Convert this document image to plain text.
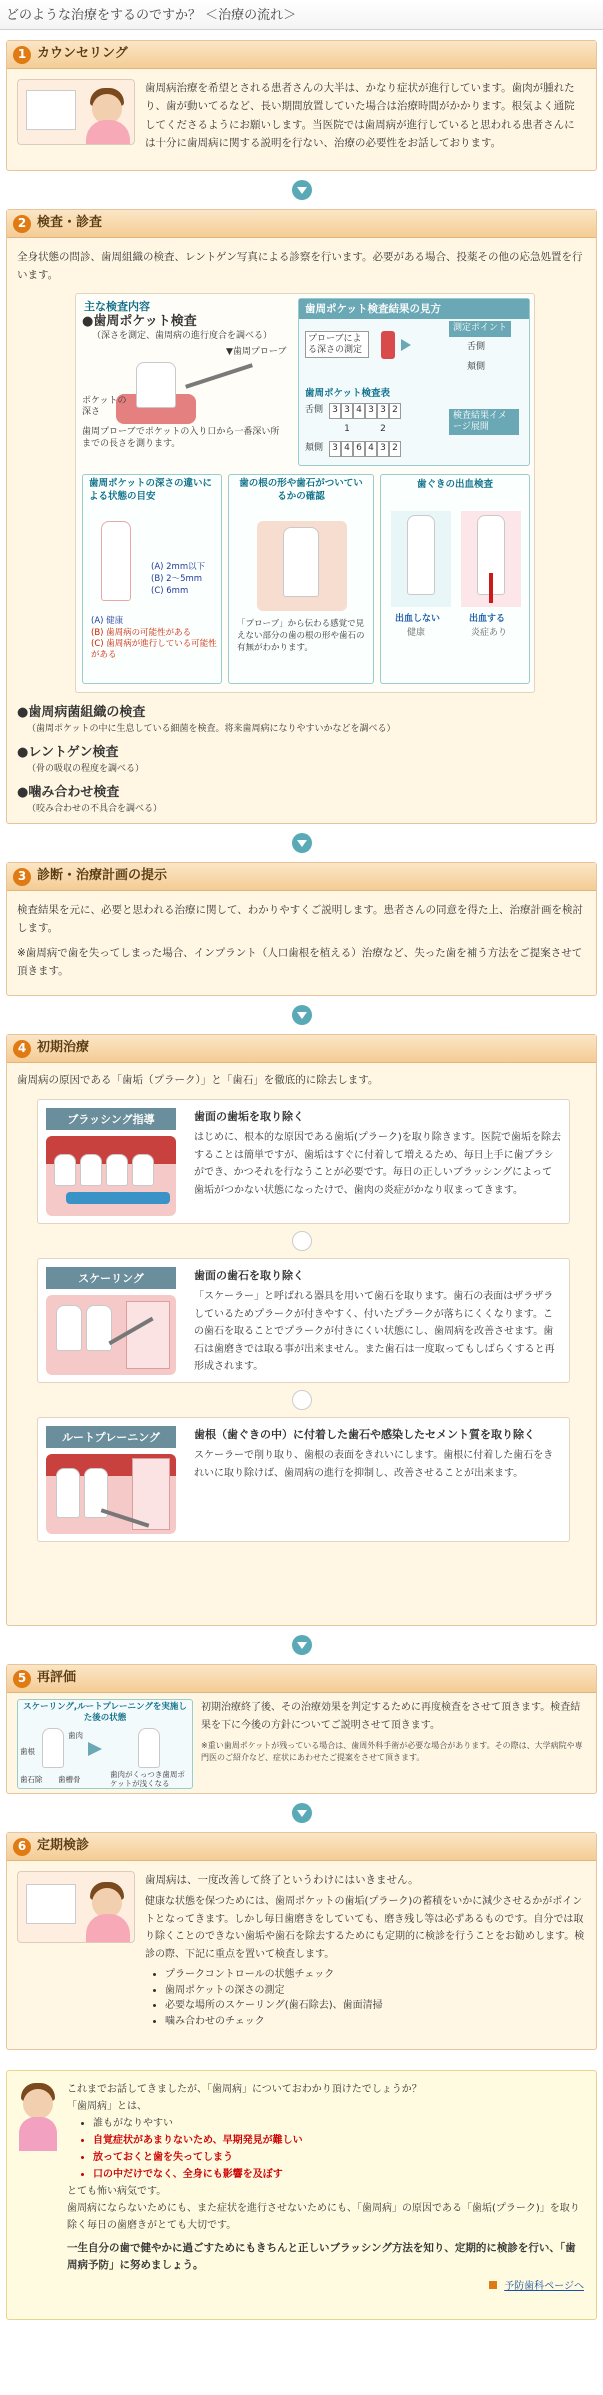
どのような治療をするのですか？ ＜治療の流れ＞
1 カウンセリング
歯周病治療を希望とされる患者さんの大半は、かなり症状が進行しています。歯肉が腫れたり、歯が動いてるなど、長い期間放置していた場合は治療時間がかかります。根気よく通院してくださるようにお願いします。当医院では歯周病が進行していると思われる患者さんには十分に歯周病に関する説明を行ない、治療の必要性をお話しております。
2 検査・診査
全身状態の問診、歯周組織の検査、レントゲン写真による診察を行います。必要がある場合、投薬その他の応急処置を行います。
主な検査内容
●歯周ポケット検査
（深さを測定、歯周病の進行度合を調べる）
▼歯周プローブ
ポケットの深さ
歯周プローブでポケットの入り口から一番深い所までの長さを測ります。
歯周ポケット検査結果の見方
プローブによる深さの測定
測定ポイント
舌側
頬側
歯周ポケット検査表
舌側	3 3 4 3 3 2
1	2
頬側	3 4 6 4 3 2
検査結果イメージ展開
歯周ポケットの深さの違いによる状態の目安
(A) 2mm以下
(B) 2～5mm
(C) 6mm
(A) 健康
(B) 歯周病の可能性がある
(C) 歯周病が進行している可能性がある
歯の根の形や歯石がついているかの確認
「プローブ」から伝わる感覚で見えない部分の歯の根の形や歯石の有無がわかります。
歯ぐきの出血検査
出血しない
健康
出血する
炎症あり
●歯周病菌組織の検査
（歯周ポケットの中に生息している細菌を検査。将来歯周病になりやすいかなどを調べる）
●レントゲン検査
（骨の吸収の程度を調べる）
●噛み合わせ検査
（咬み合わせの不具合を調べる）
3 診断・治療計画の提示
検査結果を元に、必要と思われる治療に関して、わかりやすくご説明します。患者さんの同意を得た上、治療計画を検討します。
※歯周病で歯を失ってしまった場合、インプラント（人口歯根を植える）治療など、失った歯を補う方法をご提案させて頂きます。
4 初期治療
歯周病の原因である「歯垢（プラーク）」と「歯石」を徹底的に除去します。
ブラッシング指導	歯面の歯垢を取り除く
はじめに、根本的な原因である歯垢(プラーク)を取り除きます。医院で歯垢を除去することは簡単ですが、歯垢はすぐに付着して増えるため、毎日上手に歯ブラシができ、かつそれを行なうことが必要です。毎日の正しいブラッシングによって歯垢がつかない状態になったけで、歯肉の炎症がかなり収まってきます。
スケーリング	歯面の歯石を取り除く
「スケーラー」と呼ばれる器具を用いて歯石を取ります。歯石の表面はザラザラしているためプラークが付きやすく、付いたプラークが落ちにくくなります。この歯石を取ることでプラークが付きにくい状態にし、歯周病を改善させます。歯石は歯磨きでは取る事が出来ません。また歯石は一度取ってもしばらくすると再形成されます。
ルートプレーニング	歯根（歯ぐきの中）に付着した歯石や感染したセメント質を取り除く
スケーラーで削り取り、歯根の表面をきれいにします。歯根に付着した歯石をきれいに取り除けば、歯周病の進行を抑制し、改善させることが出来ます。
5 再評価
スケーリング,ルートプレーニングを実施した後の状態
歯肉
歯根
歯石除 歯槽骨
歯肉がくっつき歯周ポケットが浅くなる
初期治療終了後、その治療効果を判定するために再度検査をさせて頂きます。検査結果を下に今後の方針についてご説明させて頂きます。
※重い歯周ポケットが残っている場合は、歯周外科手術が必要な場合があります。その際は、大学病院や専門医のご紹介など、症状にあわせたご提案をさせて頂きます。
6 定期検診
歯周病は、一度改善して終了というわけにはいきません。
健康な状態を保つためには、歯周ポケットの歯垢(プラーク)の蓄積をいかに減少させるかがポイントとなってきます。しかし毎日歯磨きをしていても、磨き残し等は必ずあるものです。自分では取り除くことのできない歯垢や歯石を除去するためにも定期的に検診を行うことをお勧めします。検診の際、下記に重点を置いて検査します。
• プラークコントロールの状態チェック
• 歯周ポケットの深さの測定
• 必要な場所のスケーリング(歯石除去)、歯面清掃
• 噛み合わせのチェック
これまでお話してきましたが、「歯周病」についておわかり頂けたでしょうか？
「歯周病」とは、
• 誰もがなりやすい
• 自覚症状があまりないため、早期発見が難しい
• 放っておくと歯を失ってしまう
• 口の中だけでなく、全身にも影響を及ぼす
とても怖い病気です。
歯周病にならないためにも、また症状を進行させないためにも、「歯周病」の原因である「歯垢(プラーク)」を取り除く毎日の歯磨きがとても大切です。
一生自分の歯で健やかに過ごすためにもきちんと正しいブラッシング方法を知り、定期的に検診を行い、「歯周病予防」に努めましょう。
予防歯科ページへ
